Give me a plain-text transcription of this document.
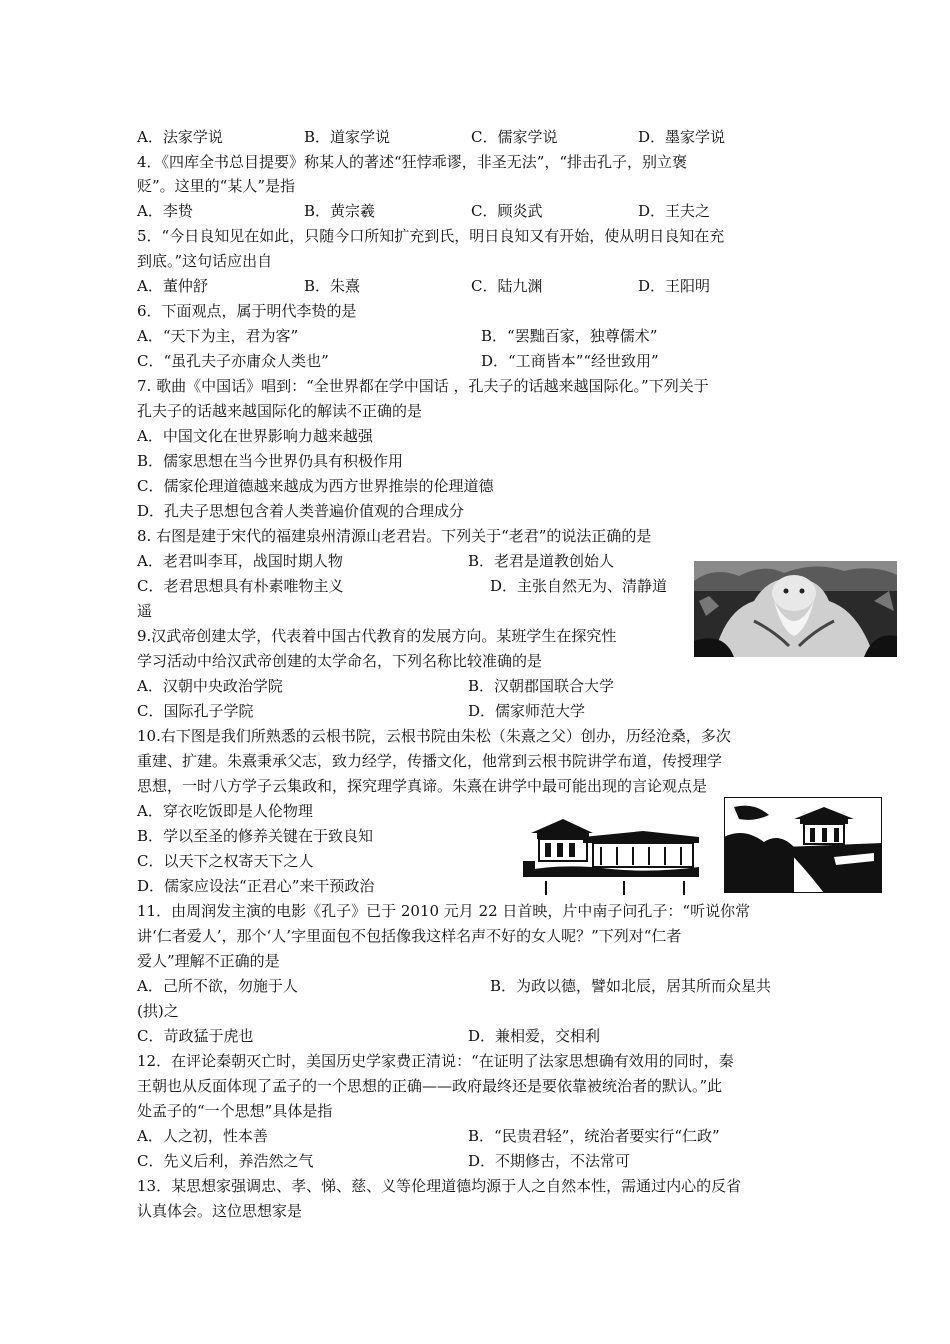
A．法家学说	B．道家学说	C．儒家学说	D．墨家学说
4．《四库全书总目提要》称某人的著述“狂悖乖谬，非圣无法”，“排击孔子，别立褒
贬”。这里的“某人”是指
A．李贽	B．黄宗羲	C．顾炎武	D．王夫之
5．“今日良知见在如此，只随今口所知扩充到氏，明日良知又有开始，使从明日良知在充
到底。”这句话应出自
A．董仲舒	B．朱熹	C．陆九渊	D．王阳明
6．下面观点，属于明代李贽的是
A．“天下为主，君为客”	B．“罢黜百家，独尊儒术”
C．“虽孔夫子亦庸众人类也”	D．“工商皆本”“经世致用”
7. 歌曲《中国话》唱到：“全世界都在学中国话 ，孔夫子的话越来越国际化。”下列关于
孔夫子的话越来越国际化的解读不正确的是
A．中国文化在世界影响力越来越强
B．儒家思想在当今世界仍具有积极作用
C．儒家伦理道德越来越成为西方世界推崇的伦理道德
D．孔夫子思想包含着人类普遍价值观的合理成分
8. 右图是建于宋代的福建泉州清源山老君岩。下列关于“老君”的说法正确的是
A．老君叫李耳，战国时期人物	B．老君是道教创始人
C．老君思想具有朴素唯物主义	D．主张自然无为、清静道
遥
9.汉武帝创建太学，代表着中国古代教育的发展方向。某班学生在探究性
学习活动中给汉武帝创建的太学命名，下列名称比较准确的是
A．汉朝中央政治学院	B．汉朝郡国联合大学
C．国际孔子学院	D．儒家师范大学
10.右下图是我们所熟悉的云根书院，云根书院由朱松（朱熹之父）创办，历经沧桑，多次
重建、扩建。朱熹秉承父志，致力经学，传播文化，他常到云根书院讲学布道，传授理学
思想，一时八方学子云集政和，探究理学真谛。朱熹在讲学中最可能出现的言论观点是
A．穿衣吃饭即是人伦物理
B．学以至圣的修养关键在于致良知
C．以天下之权寄天下之人
D．儒家应设法“正君心”来干预政治
11．由周润发主演的电影《孔子》已于 2010 元月 22 日首映，片中南子问孔子：“听说你常
讲‘仁者爱人’，那个‘人’字里面包不包括像我这样名声不好的女人呢？”下列对“仁者
爱人”理解不正确的是
A．己所不欲，勿施于人	B．为政以德，譬如北辰，居其所而众星共
(拱)之
C．苛政猛于虎也	D．兼相爱，交相利
12．在评论秦朝灭亡时，美国历史学家费正清说：“在证明了法家思想确有效用的同时，秦
王朝也从反面体现了孟子的一个思想的正确——政府最终还是要依靠被统治者的默认。”此
处孟子的“一个思想”具体是指
A．人之初，性本善	B．“民贵君轻”，统治者要实行“仁政”
C．先义后利，养浩然之气	D．不期修古，不法常可
13．某思想家强调忠、孝、悌、慈、义等伦理道德均源于人之自然本性，需通过内心的反省
认真体会。这位思想家是
